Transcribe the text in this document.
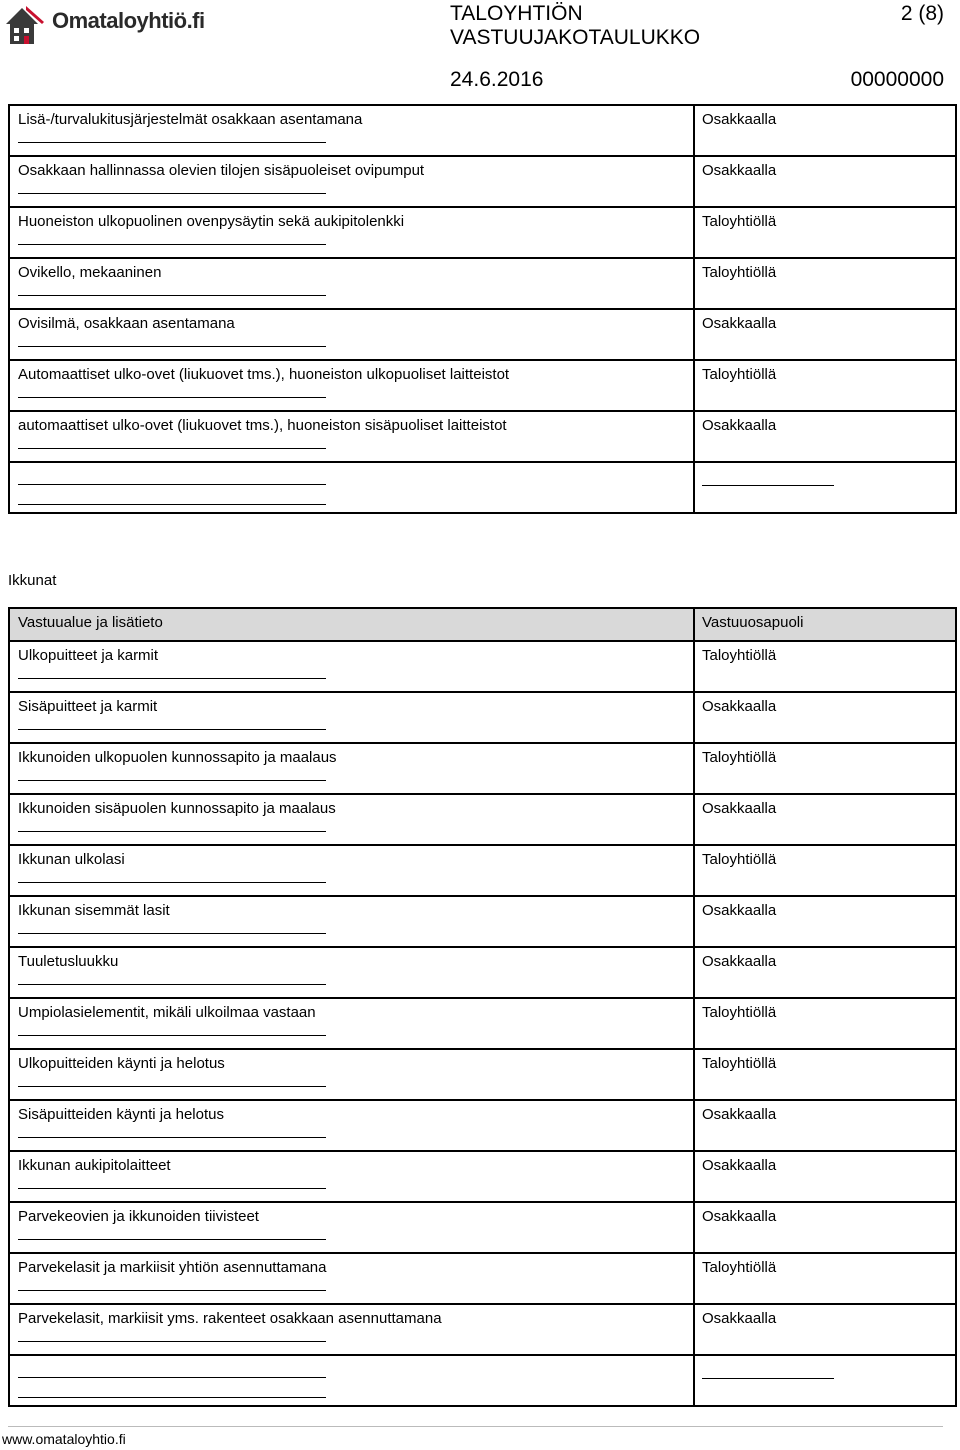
Omataloyhtiö.fi	TALOYHTIÖN VASTUUJAKOTAULUKKO
2 (8)
24.6.2016	00000000
Lisä-/turvalukitusjärjestelmät osakkaan asentamana	Osakkaalla

Osakkaan hallinnassa olevien tilojen sisäpuoleiset ovipumput	Osakkaalla

Huoneiston ulkopuolinen ovenpysäytin sekä aukipitolenkki	Taloyhtiöllä

Ovikello, mekaaninen	Taloyhtiöllä

Ovisilmä, osakkaan asentamana	Osakkaalla

Automaattiset ulko-ovet (liukuovet tms.), huoneiston ulkopuoliset laitteistot	Taloyhtiöllä

automaattiset ulko-ovet (liukuovet tms.), huoneiston sisäpuoliset laitteistot	Osakkaalla

Ikkunat
Vastuualue ja lisätieto	Vastuuosapuoli

Ulkopuitteet ja karmit	Taloyhtiöllä

Sisäpuitteet ja karmit	Osakkaalla

Ikkunoiden ulkopuolen kunnossapito ja maalaus	Taloyhtiöllä

Ikkunoiden sisäpuolen kunnossapito ja maalaus	Osakkaalla

Ikkunan ulkolasi	Taloyhtiöllä

Ikkunan sisemmät lasit	Osakkaalla

Tuuletusluukku	Osakkaalla

Umpiolasielementit, mikäli ulkoilmaa vastaan	Taloyhtiöllä

Ulkopuitteiden käynti ja helotus	Taloyhtiöllä

Sisäpuitteiden käynti ja helotus	Osakkaalla

Ikkunan aukipitolaitteet	Osakkaalla

Parvekeovien ja ikkunoiden tiivisteet	Osakkaalla

Parvekelasit ja markiisit yhtiön asennuttamana	Taloyhtiöllä

Parvekelasit, markiisit yms. rakenteet osakkaan asennuttamana	Osakkaalla

www.omataloyhtio.fi
